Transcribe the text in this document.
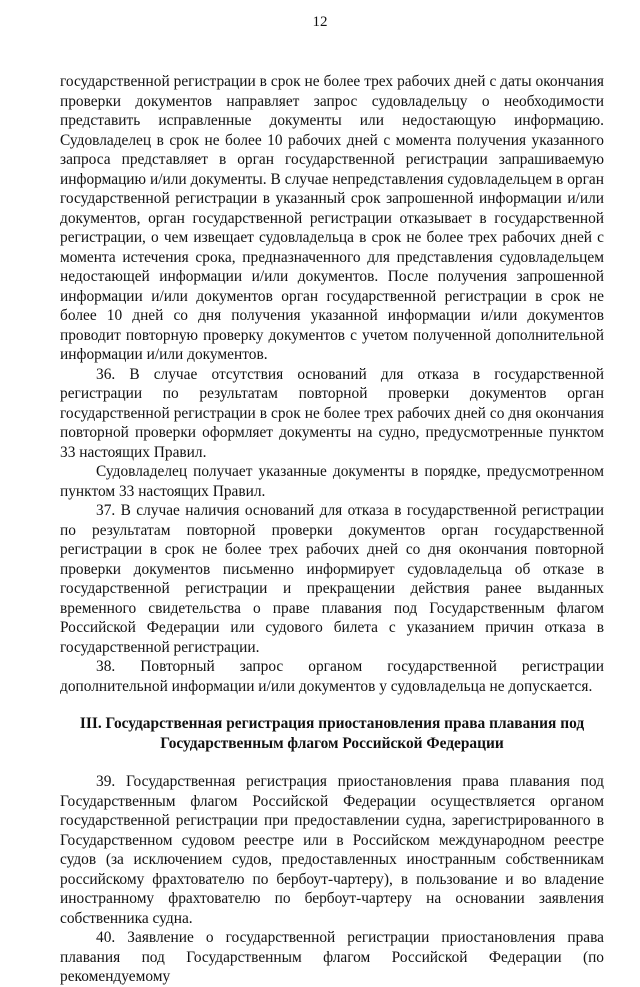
12

государственной регистрации в срок не более трех рабочих дней с даты окончания проверки документов направляет запрос судовладельцу о необходимости представить исправленные документы или недостающую информацию. Судовладелец в срок не более 10 рабочих дней с момента получения указанного запроса представляет в орган государственной регистрации запрашиваемую информацию и/или документы. В случае непредставления судовладельцем в орган государственной регистрации в указанный срок запрошенной информации и/или документов, орган государственной регистрации отказывает в государственной регистрации, о чем извещает судовладельца в срок не более трех рабочих дней с момента истечения срока, предназначенного для представления судовладельцем недостающей информации и/или документов. После получения запрошенной информации и/или документов орган государственной регистрации в срок не более 10 дней со дня получения указанной информации и/или документов проводит повторную проверку документов с учетом полученной дополнительной информации и/или документов.

36. В случае отсутствия оснований для отказа в государственной регистрации по результатам повторной проверки документов орган государственной регистрации в срок не более трех рабочих дней со дня окончания повторной проверки оформляет документы на судно, предусмотренные пунктом 33 настоящих Правил.

Судовладелец получает указанные документы в порядке, предусмотренном пунктом 33 настоящих Правил.

37. В случае наличия оснований для отказа в государственной регистрации по результатам повторной проверки документов орган государственной регистрации в срок не более трех рабочих дней со дня окончания повторной проверки документов письменно информирует судовладельца об отказе в государственной регистрации и прекращении действия ранее выданных временного свидетельства о праве плавания под Государственным флагом Российской Федерации или судового билета с указанием причин отказа в государственной регистрации.

38. Повторный запрос органом государственной регистрации дополнительной информации и/или документов у судовладельца не допускается.

III. Государственная регистрация приостановления права плавания под
Государственным флагом Российской Федерации

39. Государственная регистрация приостановления права плавания под Государственным флагом Российской Федерации осуществляется органом государственной регистрации при предоставлении судна, зарегистрированного в Государственном судовом реестре или в Российском международном реестре судов (за исключением судов, предоставленных иностранным собственникам российскому фрахтователю по бербоут-чартеру), в пользование и во владение иностранному фрахтователю по бербоут-чартеру на основании заявления собственника судна.

40. Заявление о государственной регистрации приостановления права плавания под Государственным флагом Российской Федерации (по рекомендуемому
